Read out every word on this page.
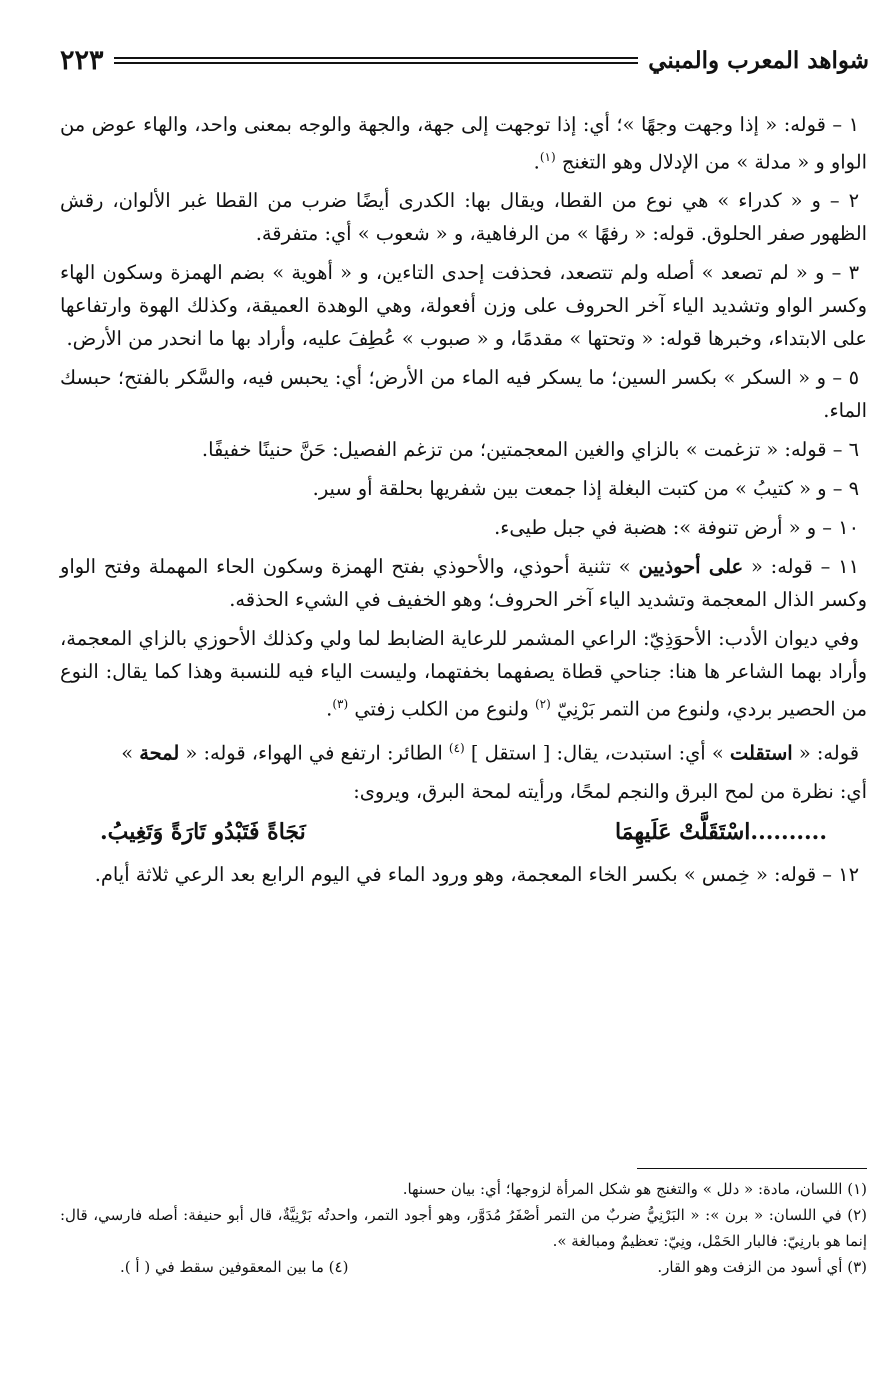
شواهد المعرب والمبني
٢٢٣

١ – قوله: « إذا وجهت وجهًا »؛ أي: إذا توجهت إلى جهة، والجهة والوجه بمعنى واحد، والهاء عوض من الواو و « مدلة » من الإدلال وهو التغنج $^{(١)}$.

٢ – و « كدراء » هي نوع من القطا، ويقال بها: الكدرى أيضًا ضرب من القطا غبر الألوان، رقش الظهور صفر الحلوق. قوله: « رفهًا » من الرفاهية، و « شعوب » أي: متفرقة.

٣ – و « لم تصعد » أصله ولم تتصعد، فحذفت إحدى التاءين، و « أهوية » بضم الهمزة وسكون الهاء وكسر الواو وتشديد الياء آخر الحروف على وزن أفعولة، وهي الوهدة العميقة، وكذلك الهوة وارتفاعها على الابتداء، وخبرها قوله: « وتحتها » مقدمًا، و « صبوب » عُطِفَ عليه، وأراد بها ما انحدر من الأرض.

٥ – و « السكر » بكسر السين؛ ما يسكر فيه الماء من الأرض؛ أي: يحبس فيه، والسَّكر بالفتح؛ حبسك الماء.

٦ – قوله: « تزغمت » بالزاي والغين المعجمتين؛ من تزغم الفصيل: حَنَّ حنينًا خفيفًا.

٩ – و « كتيبُ » من كتبت البغلة إذا جمعت بين شفريها بحلقة أو سير.

١٠ – و « أرض تنوفة »: هضبة في جبل طيىء.

١١ – قوله: « على أحوذيين » تثنية أحوذي، والأحوذي بفتح الهمزة وسكون الحاء المهملة وفتح الواو وكسر الذال المعجمة وتشديد الياء آخر الحروف؛ وهو الخفيف في الشيء الحذقه.

وفي ديوان الأدب: الأحوَذِيّ: الراعي المشمر للرعاية الضابط لما ولي وكذلك الأحوزي بالزاي المعجمة، وأراد بهما الشاعر ها هنا: جناحي قطاة يصفهما بخفتهما، وليست الياء فيه للنسبة وهذا كما يقال: النوع من الحصير بردي، ولنوع من التمر بَرْنِيّ $^{(٢)}$ ولنوع من الكلب زفتي $^{(٣)}$.

قوله: « استقلت » أي: استبدت، يقال: [ استقل ] $^{(٤)}$ الطائر: ارتفع في الهواء، قوله: « لمحة »

أي: نظرة من لمح البرق والنجم لمحًا، ورأيته لمحة البرق، ويروى:

..........اسْتَقَلَّتْ عَلَيهِمَا
نَجَاةً فَتَبْدُو تَارَةً وَتَغِيبُ.

١٢ – قوله: « خِمس » بكسر الخاء المعجمة، وهو ورود الماء في اليوم الرابع بعد الرعي ثلاثة أيام.

(١) اللسان، مادة: « دلل » والتغنج هو شكل المرأة لزوجها؛ أي: بيان حسنها.

(٢) في اللسان: « برن »: « البَرْنِيُّ ضربٌ من التمر أصْفَرُ مُدَوَّر، وهو أجود التمر، واحدتُه بَرْنِيَّةٌ، قال أبو حنيفة: أصله فارسي، قال: إنما هو بارنِيّ: فالبار الحَمْل، ونِيّ: تعظيمٌ ومبالغة ».

(٣) أي أسود من الزفت وهو القار.
(٤) ما بين المعقوفين سقط في ( أ ).
